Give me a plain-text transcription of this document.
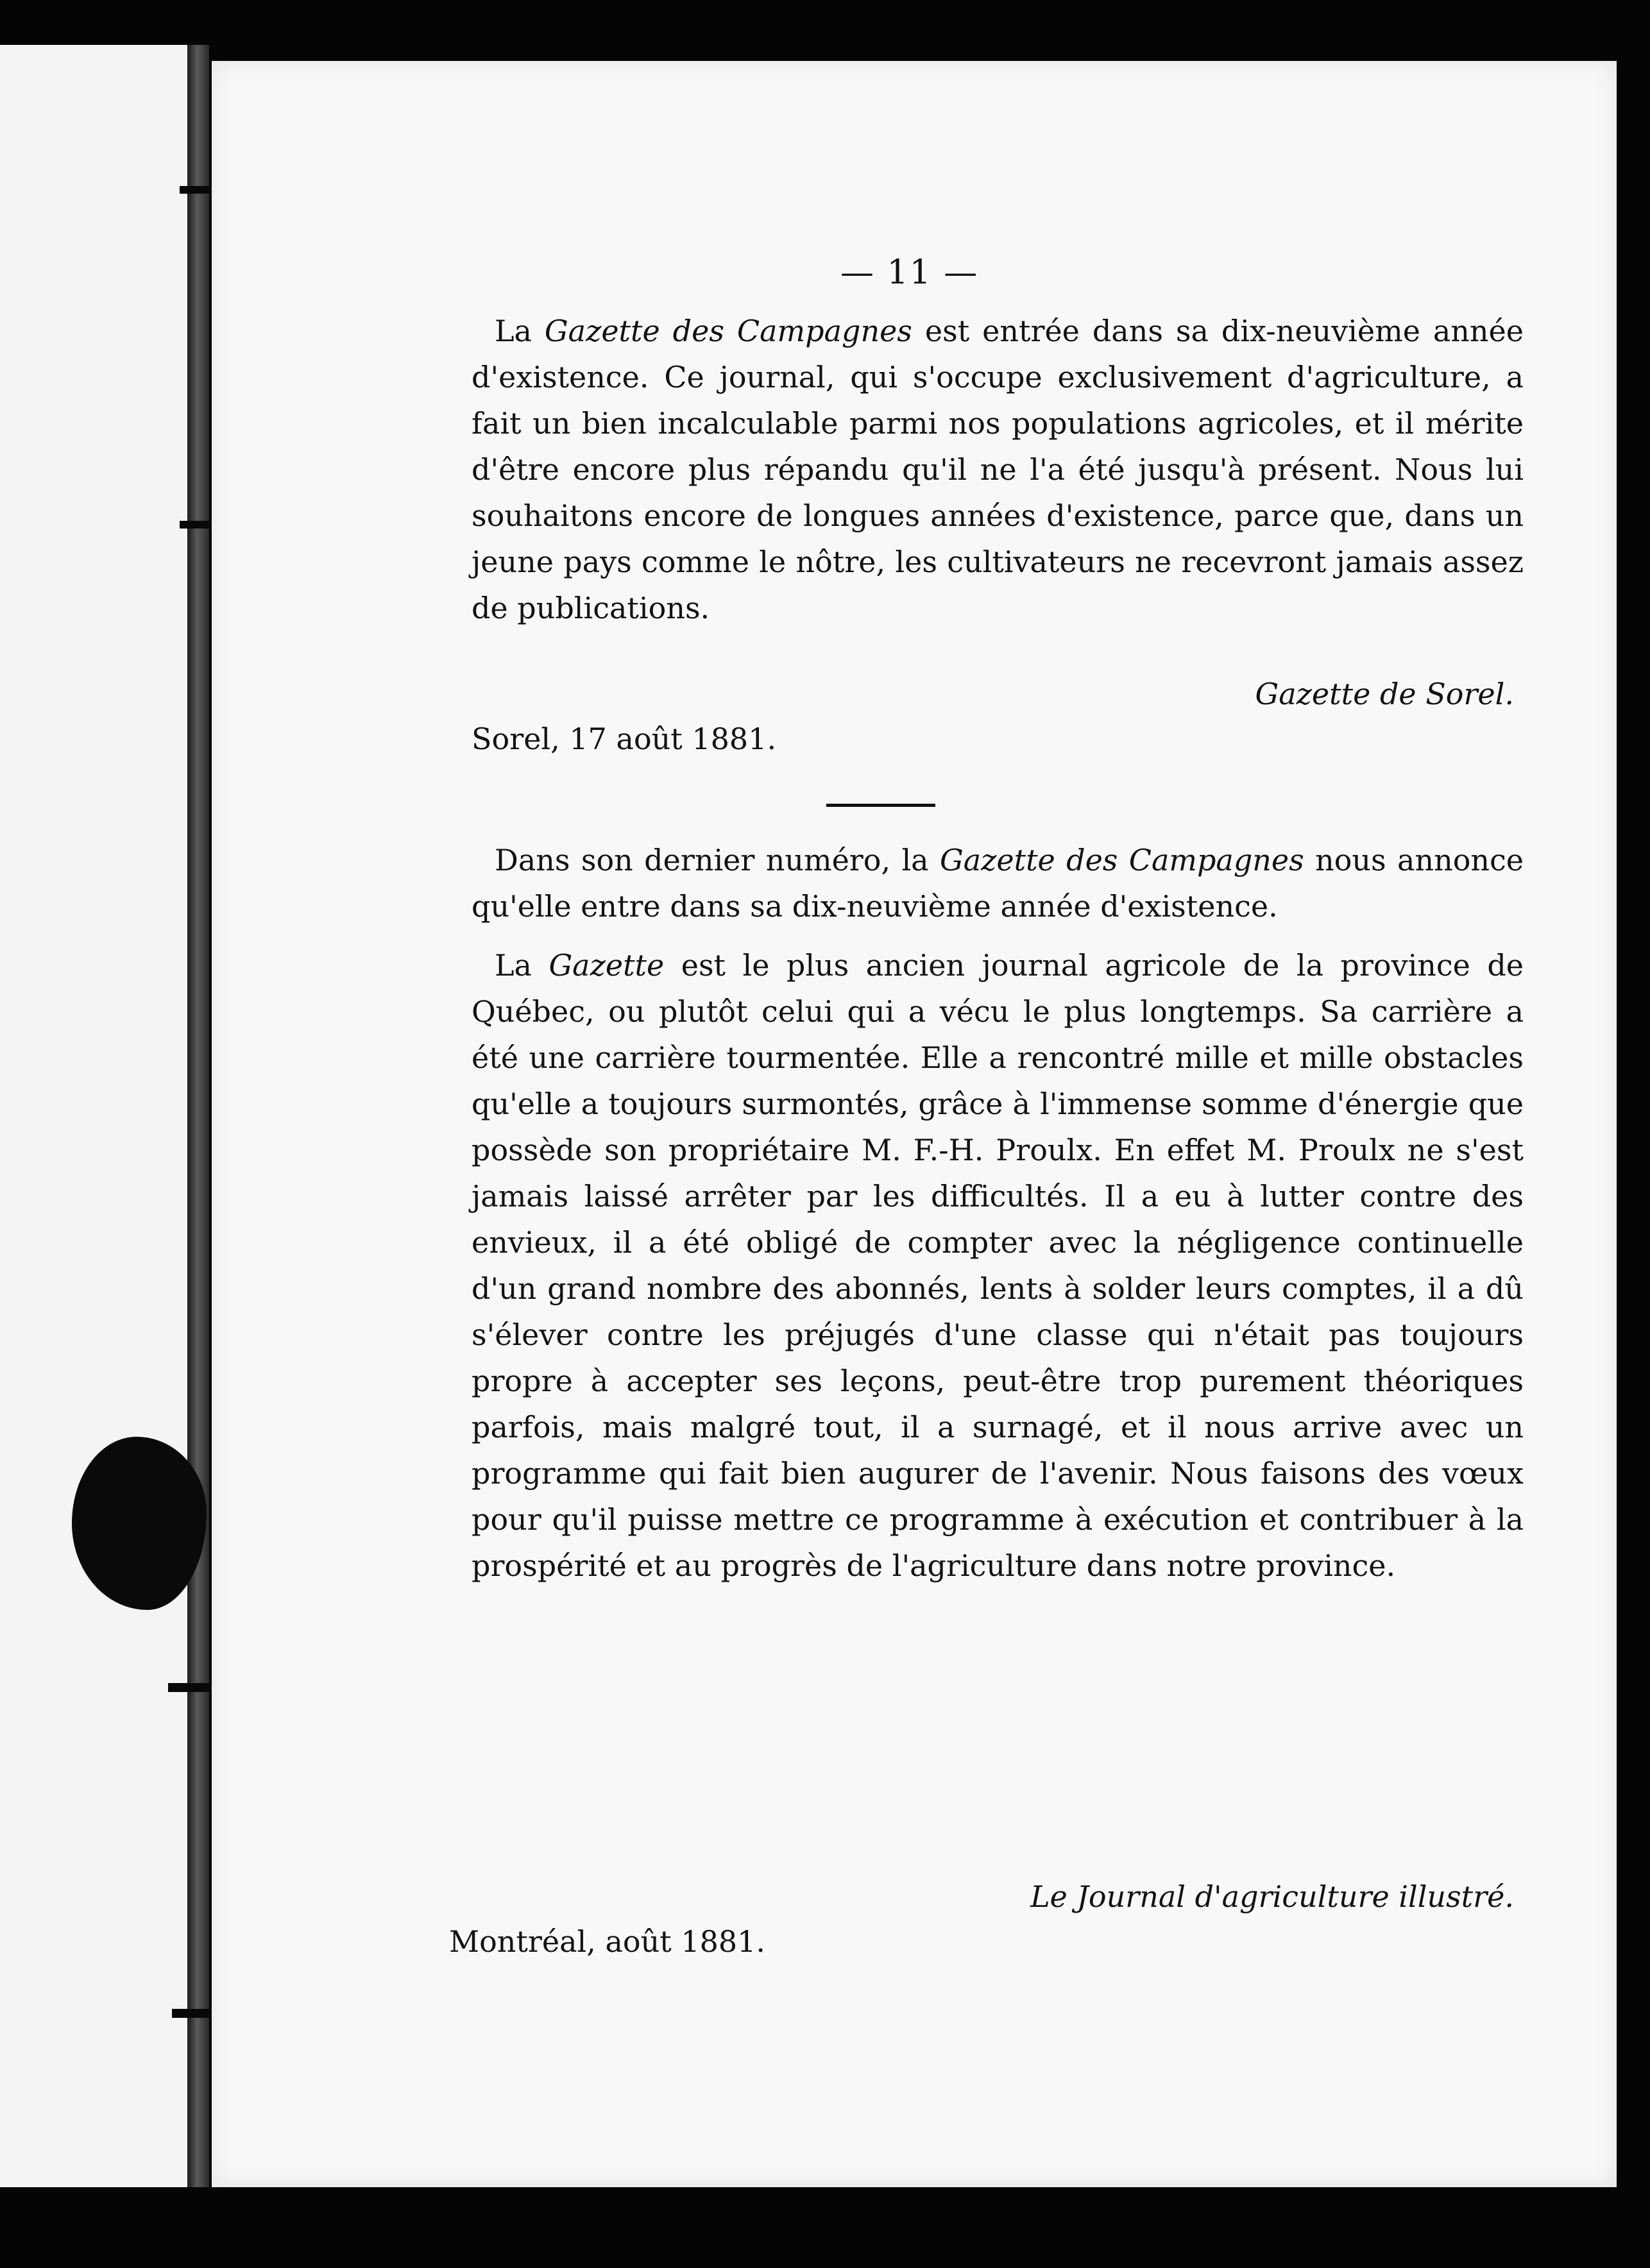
— 11 —

La Gazette des Campagnes est entrée dans sa dix-neuvième année d'existence. Ce journal, qui s'occupe exclusivement d'agriculture, a fait un bien incalculable parmi nos populations agricoles, et il mérite d'être encore plus répandu qu'il ne l'a été jusqu'à présent. Nous lui souhaitons encore de longues années d'existence, parce que, dans un jeune pays comme le nôtre, les cultivateurs ne recevront jamais assez de publications.

Gazette de Sorel.
Sorel, 17 août 1881.

Dans son dernier numéro, la Gazette des Campagnes nous annonce qu'elle entre dans sa dix-neuvième année d'existence.

La Gazette est le plus ancien journal agricole de la province de Québec, ou plutôt celui qui a vécu le plus longtemps. Sa carrière a été une carrière tourmentée. Elle a rencontré mille et mille obstacles qu'elle a toujours surmontés, grâce à l'immense somme d'énergie que possède son propriétaire M. F.-H. Proulx. En effet M. Proulx ne s'est jamais laissé arrêter par les difficultés. Il a eu à lutter contre des envieux, il a été obligé de compter avec la négligence continuelle d'un grand nombre des abonnés, lents à solder leurs comptes, il a dû s'élever contre les préjugés d'une classe qui n'était pas toujours propre à accepter ses leçons, peut-être trop purement théoriques parfois, mais malgré tout, il a surnagé, et il nous arrive avec un programme qui fait bien augurer de l'avenir. Nous faisons des vœux pour qu'il puisse mettre ce programme à exécution et contribuer à la prospérité et au progrès de l'agriculture dans notre province.

Le Journal d'agriculture illustré.
Montréal, août 1881.
